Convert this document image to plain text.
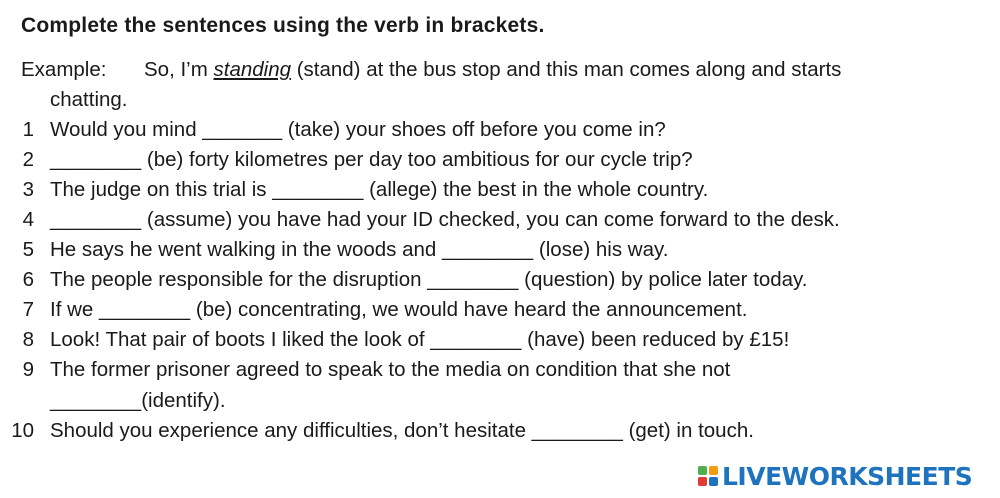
Complete the sentences using the verb in brackets.
Example: So, I’m standing (stand) at the bus stop and this man comes along and starts
chatting.
1 Would you mind _______ (take) your shoes off before you come in?
2 ________ (be) forty kilometres per day too ambitious for our cycle trip?
3 The judge on this trial is ________ (allege) the best in the whole country.
4 ________ (assume) you have had your ID checked, you can come forward to the desk.
5 He says he went walking in the woods and ________ (lose) his way.
6 The people responsible for the disruption ________ (question) by police later today.
7 If we ________ (be) concentrating, we would have heard the announcement.
8 Look! That pair of boots I liked the look of ________ (have) been reduced by £15!
9 The former prisoner agreed to speak to the media on condition that she not
________(identify).
10 Should you experience any difficulties, don’t hesitate ________ (get) in touch.
LIVEWORKSHEETS
